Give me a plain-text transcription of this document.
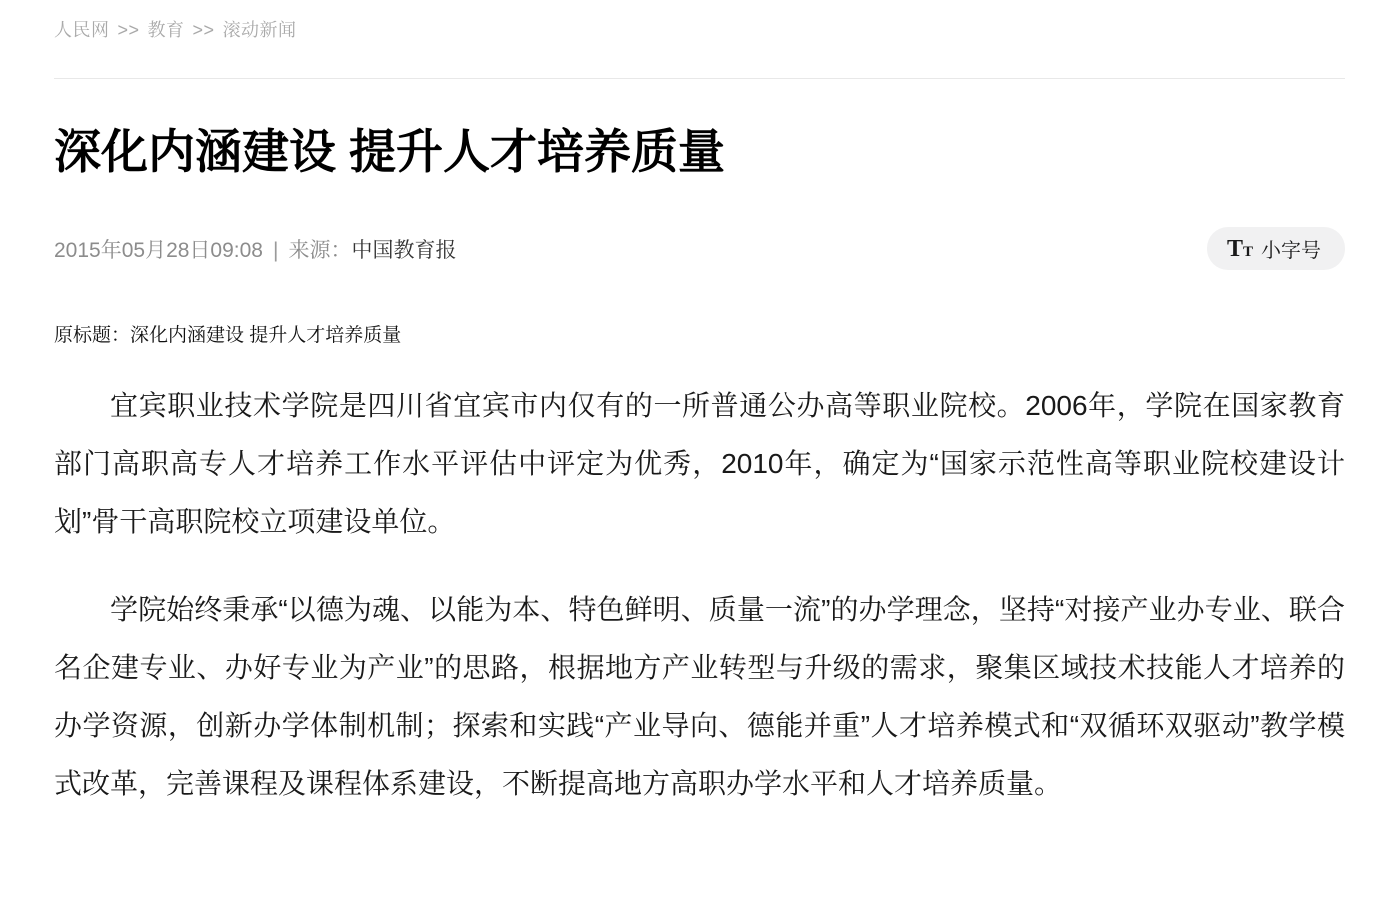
人民网 >> 教育 >> 滚动新闻
深化内涵建设 提升人才培养质量
2015年05月28日09:08 | 来源：中国教育报	TT 小字号
原标题：深化内涵建设 提升人才培养质量

宜宾职业技术学院是四川省宜宾市内仅有的一所普通公办高等职业院校。2006年，学院在国家教育部门高职高专人才培养工作水平评估中评定为优秀，2010年，确定为“国家示范性高等职业院校建设计划”骨干高职院校立项建设单位。

学院始终秉承“以德为魂、以能为本、特色鲜明、质量一流”的办学理念，坚持“对接产业办专业、联合名企建专业、办好专业为产业”的思路，根据地方产业转型与升级的需求，聚集区域技术技能人才培养的办学资源，创新办学体制机制；探索和实践“产业导向、德能并重”人才培养模式和“双循环双驱动”教学模式改革，完善课程及课程体系建设，不断提高地方高职办学水平和人才培养质量。
